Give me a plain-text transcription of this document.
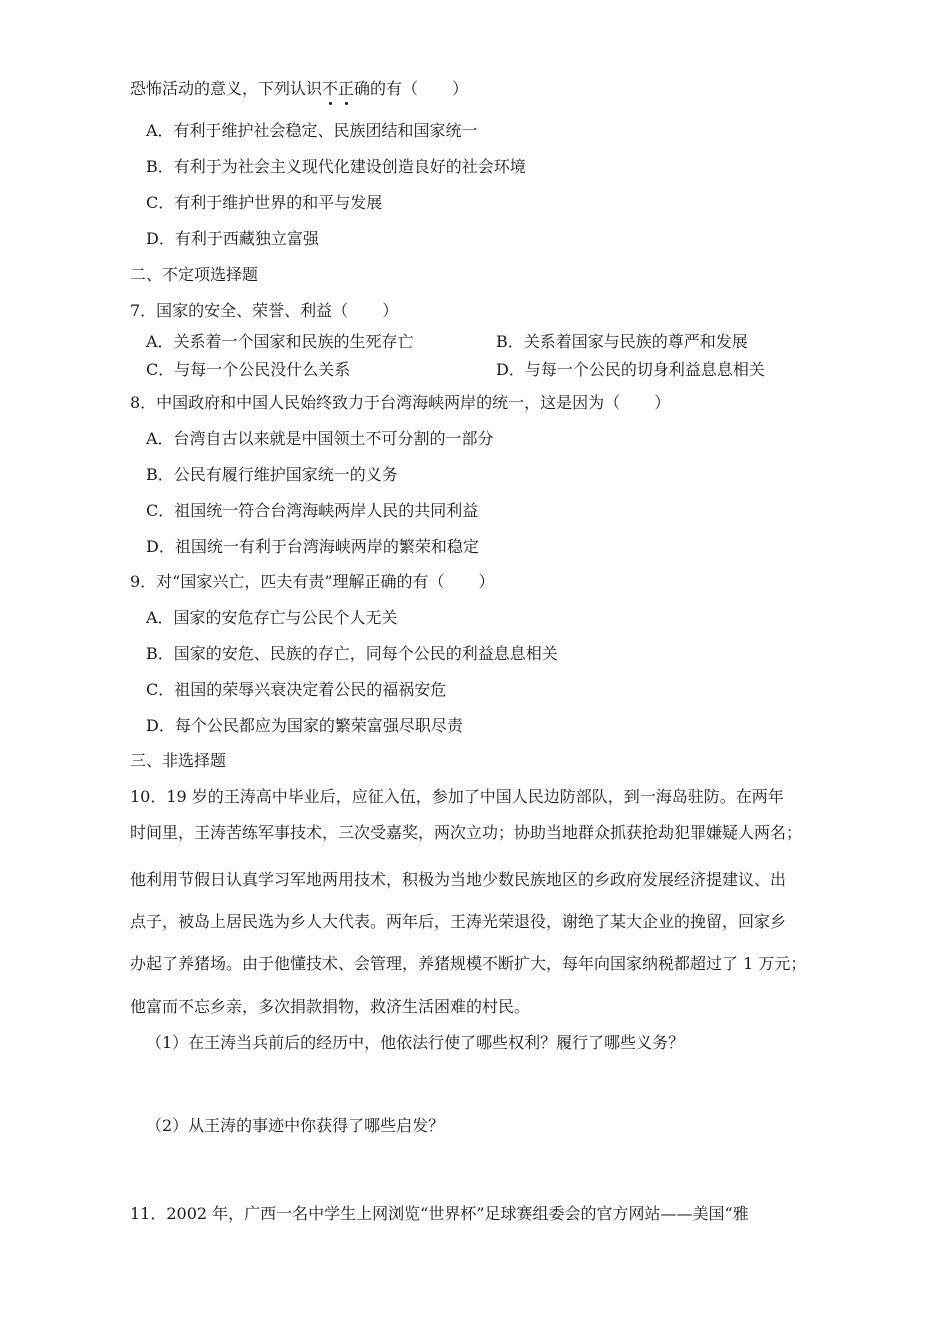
恐怖活动的意义，下列认识不正确的有（ ）
A．有利于维护社会稳定、民族团结和国家统一
B．有利于为社会主义现代化建设创造良好的社会环境
C．有利于维护世界的和平与发展
D．有利于西藏独立富强
二、不定项选择题
7．国家的安全、荣誉、利益（ ）
A．关系着一个国家和民族的生死存亡	B．关系着国家与民族的尊严和发展
C．与每一个公民没什么关系	D．与每一个公民的切身利益息息相关
8．中国政府和中国人民始终致力于台湾海峡两岸的统一，这是因为（ ）
A．台湾自古以来就是中国领土不可分割的一部分
B．公民有履行维护国家统一的义务
C．祖国统一符合台湾海峡两岸人民的共同利益
D．祖国统一有利于台湾海峡两岸的繁荣和稳定
9．对“国家兴亡，匹夫有责”理解正确的有（ ）
A．国家的安危存亡与公民个人无关
B．国家的安危、民族的存亡，同每个公民的利益息息相关
C．祖国的荣辱兴衰决定着公民的福祸安危
D．每个公民都应为国家的繁荣富强尽职尽责
三、非选择题
10．19 岁的王涛高中毕业后，应征入伍，参加了中国人民边防部队，到一海岛驻防。在两年
时间里，王涛苦练军事技术，三次受嘉奖，两次立功；协助当地群众抓获抢劫犯罪嫌疑人两名；
他利用节假日认真学习军地两用技术，积极为当地少数民族地区的乡政府发展经济提建议、出
点子，被岛上居民选为乡人大代表。两年后，王涛光荣退役，谢绝了某大企业的挽留，回家乡
办起了养猪场。由于他懂技术、会管理，养猪规模不断扩大，每年向国家纳税都超过了 1 万元；
他富而不忘乡亲，多次捐款捐物，救济生活困难的村民。
（1）在王涛当兵前后的经历中，他依法行使了哪些权利？履行了哪些义务？
（2）从王涛的事迹中你获得了哪些启发？
11．2002 年，广西一名中学生上网浏览“世界杯”足球赛组委会的官方网站——美国“雅
